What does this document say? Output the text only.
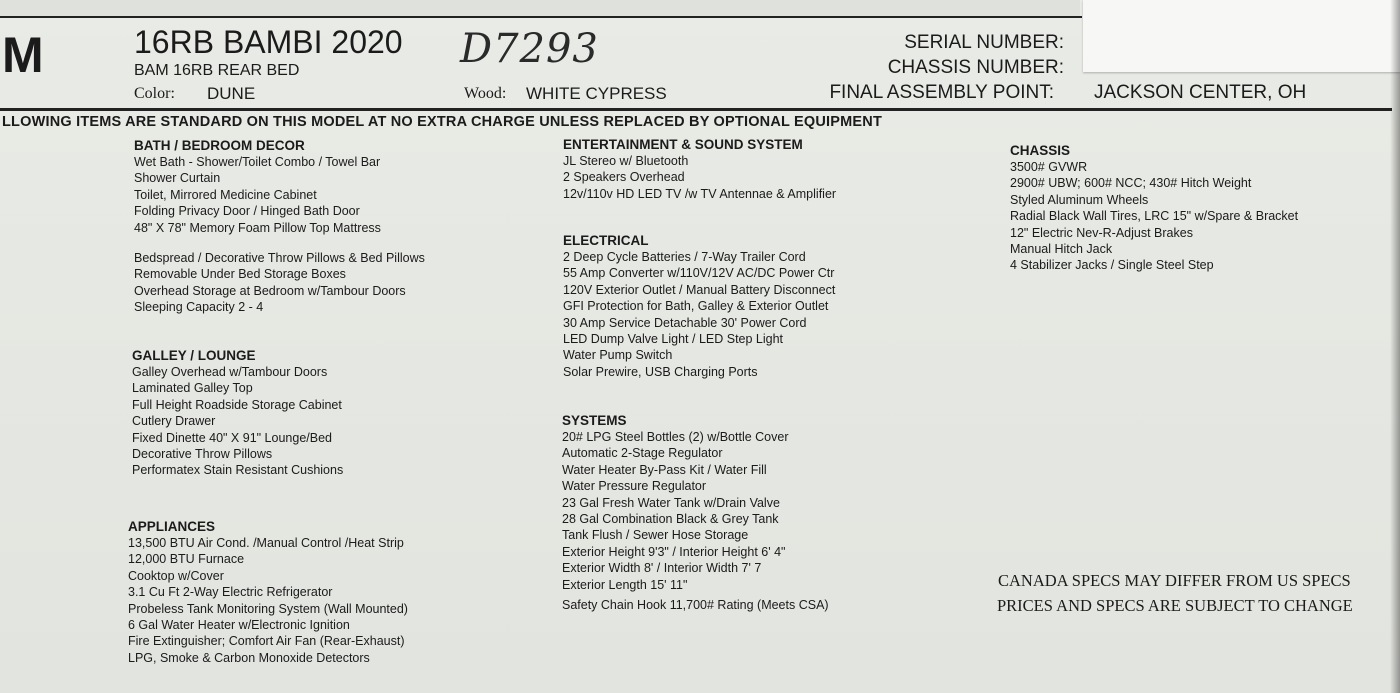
M	16RB BAMBI 2020
BAM 16RB REAR BED	D7293
Color: DUNE	Wood: WHITE CYPRESS
SERIAL NUMBER:
CHASSIS NUMBER:
FINAL ASSEMBLY POINT: JACKSON CENTER, OH
LLOWING ITEMS ARE STANDARD ON THIS MODEL AT NO EXTRA CHARGE UNLESS REPLACED BY OPTIONAL EQUIPMENT
BATH / BEDROOM DECOR
Wet Bath - Shower/Toilet Combo / Towel Bar
Shower Curtain
Toilet, Mirrored Medicine Cabinet
Folding Privacy Door / Hinged Bath Door
48" X 78" Memory Foam Pillow Top Mattress
Bedspread / Decorative Throw Pillows & Bed Pillows
Removable Under Bed Storage Boxes
Overhead Storage at Bedroom w/Tambour Doors
Sleeping Capacity 2 - 4
GALLEY / LOUNGE
Galley Overhead w/Tambour Doors
Laminated Galley Top
Full Height Roadside Storage Cabinet
Cutlery Drawer
Fixed Dinette 40" X 91" Lounge/Bed
Decorative Throw Pillows
Performatex Stain Resistant Cushions
APPLIANCES
13,500 BTU Air Cond. /Manual Control /Heat Strip
12,000 BTU Furnace
Cooktop w/Cover
3.1 Cu Ft 2-Way Electric Refrigerator
Probeless Tank Monitoring System (Wall Mounted)
6 Gal Water Heater w/Electronic Ignition
Fire Extinguisher; Comfort Air Fan (Rear-Exhaust)
LPG, Smoke & Carbon Monoxide Detectors
ENTERTAINMENT & SOUND SYSTEM
JL Stereo w/ Bluetooth
2 Speakers Overhead
12v/110v HD LED TV /w TV Antennae & Amplifier
ELECTRICAL
2 Deep Cycle Batteries / 7-Way Trailer Cord
55 Amp Converter w/110V/12V AC/DC Power Ctr
120V Exterior Outlet / Manual Battery Disconnect
GFI Protection for Bath, Galley & Exterior Outlet
30 Amp Service Detachable 30' Power Cord
LED Dump Valve Light / LED Step Light
Water Pump Switch
Solar Prewire, USB Charging Ports
SYSTEMS
20# LPG Steel Bottles (2) w/Bottle Cover
Automatic 2-Stage Regulator
Water Heater By-Pass Kit / Water Fill
Water Pressure Regulator
23 Gal Fresh Water Tank w/Drain Valve
28 Gal Combination Black & Grey Tank
Tank Flush / Sewer Hose Storage
Exterior Height 9'3" / Interior Height 6' 4"
Exterior Width 8' / Interior Width 7' 7
Exterior Length 15' 11"
Safety Chain Hook 11,700# Rating (Meets CSA)
CHASSIS
3500# GVWR
2900# UBW; 600# NCC; 430# Hitch Weight
Styled Aluminum Wheels
Radial Black Wall Tires, LRC 15" w/Spare & Bracket
12" Electric Nev-R-Adjust Brakes
Manual Hitch Jack
4 Stabilizer Jacks / Single Steel Step
CANADA SPECS MAY DIFFER FROM US SPECS
PRICES AND SPECS ARE SUBJECT TO CHANGE
